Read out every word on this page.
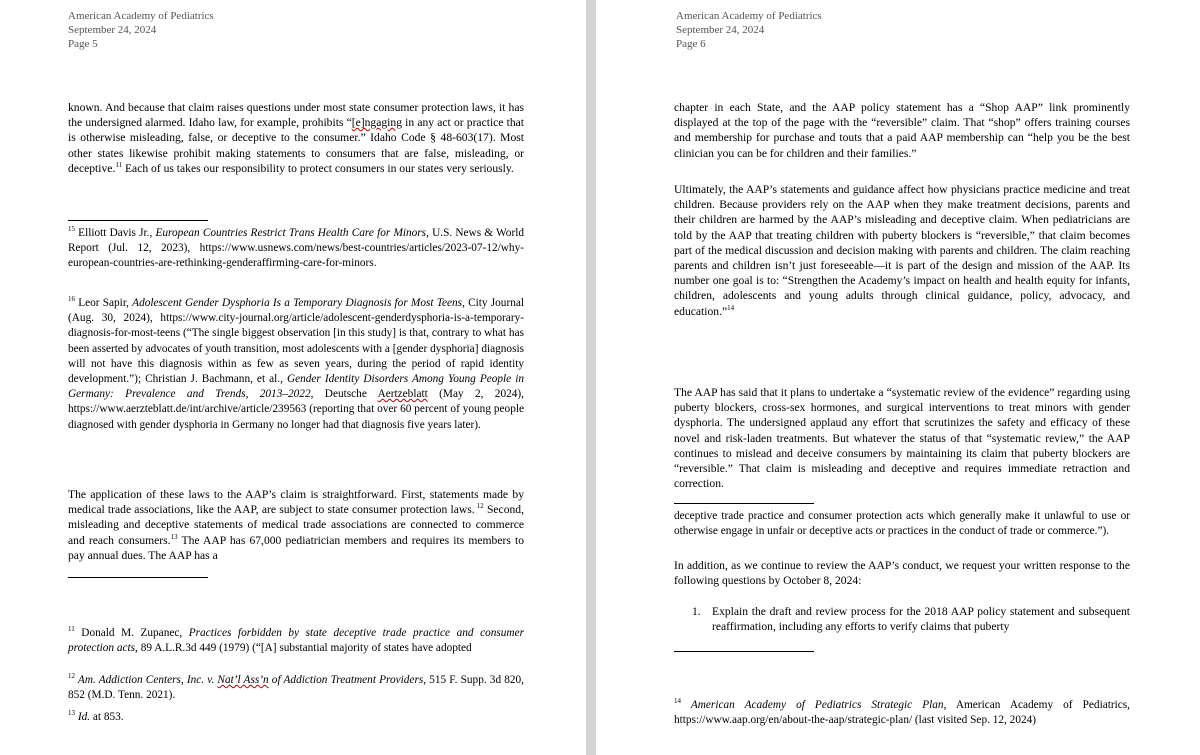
American Academy of Pediatrics
September 24, 2024
Page 5
known. And because that claim raises questions under most state consumer protection laws, it has the undersigned alarmed. Idaho law, for example, prohibits “[e]ngaging in any act or practice that is otherwise misleading, false, or deceptive to the consumer.” Idaho Code § 48-603(17). Most other states likewise prohibit making statements to consumers that are false, misleading, or deceptive.$^{11}$ Each of us takes our responsibility to protect consumers in our states very seriously.
$^{15}$ Elliott Davis Jr., European Countries Restrict Trans Health Care for Minors, U.S. News & World Report (Jul. 12, 2023), https://www.usnews.com/news/best-countries/articles/2023-07-12/why-european-countries-are-rethinking-genderaffirming-care-for-minors.
$^{16}$ Leor Sapir, Adolescent Gender Dysphoria Is a Temporary Diagnosis for Most Teens, City Journal (Aug. 30, 2024), https://www.city-journal.org/article/adolescent-genderdysphoria-is-a-temporary-diagnosis-for-most-teens (“The single biggest observation [in this study] is that, contrary to what has been asserted by advocates of youth transition, most adolescents with a [gender dysphoria] diagnosis will not have this diagnosis within as few as seven years, during the period of rapid identity development.”); Christian J. Bachmann, et al., Gender Identity Disorders Among Young People in Germany: Prevalence and Trends, 2013–2022, Deutsche Aertzeblatt (May 2, 2024), https://www.aerzteblatt.de/int/archive/article/239563 (reporting that over 60 percent of young people diagnosed with gender dysphoria in Germany no longer had that diagnosis five years later).
The application of these laws to the AAP’s claim is straightforward. First, statements made by medical trade associations, like the AAP, are subject to state consumer protection laws. $^{12}$ Second, misleading and deceptive statements of medical trade associations are connected to commerce and reach consumers.$^{13}$ The AAP has 67,000 pediatrician members and requires its members to pay annual dues. The AAP has a
$^{11}$ Donald M. Zupanec, Practices forbidden by state deceptive trade practice and consumer protection acts, 89 A.L.R.3d 449 (1979) (“[A] substantial majority of states have adopted
$^{12}$ Am. Addiction Centers, Inc. v. Nat’l Ass’n of Addiction Treatment Providers, 515 F. Supp. 3d 820, 852 (M.D. Tenn. 2021).
$^{13}$ Id. at 853.
American Academy of Pediatrics
September 24, 2024
Page 6
chapter in each State, and the AAP policy statement has a “Shop AAP” link prominently displayed at the top of the page with the “reversible” claim. That “shop” offers training courses and membership for purchase and touts that a paid AAP membership can “help you be the best clinician you can be for children and their families.”
Ultimately, the AAP’s statements and guidance affect how physicians practice medicine and treat children. Because providers rely on the AAP when they make treatment decisions, parents and their children are harmed by the AAP’s misleading and deceptive claim. When pediatricians are told by the AAP that treating children with puberty blockers is “reversible,” that claim becomes part of the medical discussion and decision making with parents and children. The claim reaching parents and children isn’t just foreseeable—it is part of the design and mission of the AAP. Its number one goal is to: “Strengthen the Academy’s impact on health and health equity for infants, children, adolescents and young adults through clinical guidance, policy, advocacy, and education.”$^{14}$
The AAP has said that it plans to undertake a “systematic review of the evidence” regarding using puberty blockers, cross-sex hormones, and surgical interventions to treat minors with gender dysphoria. The undersigned applaud any effort that scrutinizes the safety and efficacy of these novel and risk-laden treatments. But whatever the status of that “systematic review,” the AAP continues to mislead and deceive consumers by maintaining its claim that puberty blockers are “reversible.” That claim is misleading and deceptive and requires immediate retraction and correction.
deceptive trade practice and consumer protection acts which generally make it unlawful to use or otherwise engage in unfair or deceptive acts or practices in the conduct of trade or commerce.”).
In addition, as we continue to review the AAP’s conduct, we request your written response to the following questions by October 8, 2024:
1. Explain the draft and review process for the 2018 AAP policy statement and subsequent reaffirmation, including any efforts to verify claims that puberty
$^{14}$ American Academy of Pediatrics Strategic Plan, American Academy of Pediatrics, https://www.aap.org/en/about-the-aap/strategic-plan/ (last visited Sep. 12, 2024)
